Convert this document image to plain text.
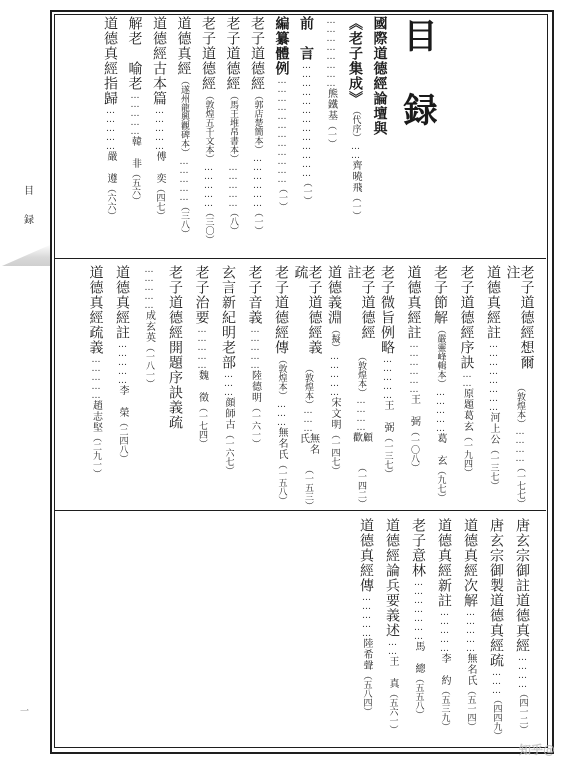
目
録
一
目録
國際道德經論壇與
《老子集成》
（代序）
……
齊曉飛
（一）
……………………
熊鐵基
（一）
前　言
…………………………………
（一）
編纂體例
………………………………
（一）
老子道德經
（郭店楚簡本）
………………
（一）
老子道德經
（馬王堆帛書本）
……………
（八）
老子道德經
（敦煌五千文本）
……………
（三〇）
道德真經
（遂州龍興觀碑本）
……………
（三八）
道德經古本篇
……………
傅　奕
（四七）
解老　喻老
……………
韓　非
（五六）
道德真經指歸
……………
嚴　遵
（六六）
老子道德經想爾注
（敦煌本）
…………
（一七七）
道德真經註
……………………
河上公
（一三七）
老子道德經序訣
……
原題葛玄
（一九四）
老子節解
（嚴靈峰輯本）
……………
葛　玄
（九七）
道德真經註
………………
王　弼
（一〇八）
老子微旨例略
……………
王　弼
（一三七）
老子道德經註
（敦煌本）
…………
顧　歡
（一四二）
道德義淵
（擬）
……………
宋文明
（一四七）
老子道德經義疏
（敦煌本）
………
無名氏
（一五三）
老子道德經傳
（敦煌本）
………
無名氏
（一五八）
老子音義
……………
陸德明
（一六一）
玄言新紀明老部
………
顔師古
（一六七）
老子治要
……………
魏　徵
（一七四）
老子道德經開題序訣義疏
……………
成玄英
（一八一）
道德真經註
……………
李　榮
（二四八）
道德真經疏義
……………
趙志堅
（二九一）
唐玄宗御註道德真經
…………
（四一二）
唐玄宗御製道德真經疏
………
（四四九）
道德真經次解
……………
無名氏
（五一四）
道德真經新註
……………
李　約
（五三九）
老子意林
…………………
馬　總
（五五八）
道德經論兵要義述
……
王　真
（五六一）
道德真經傳
……………
陸希聲
（五八四）
知乎@
